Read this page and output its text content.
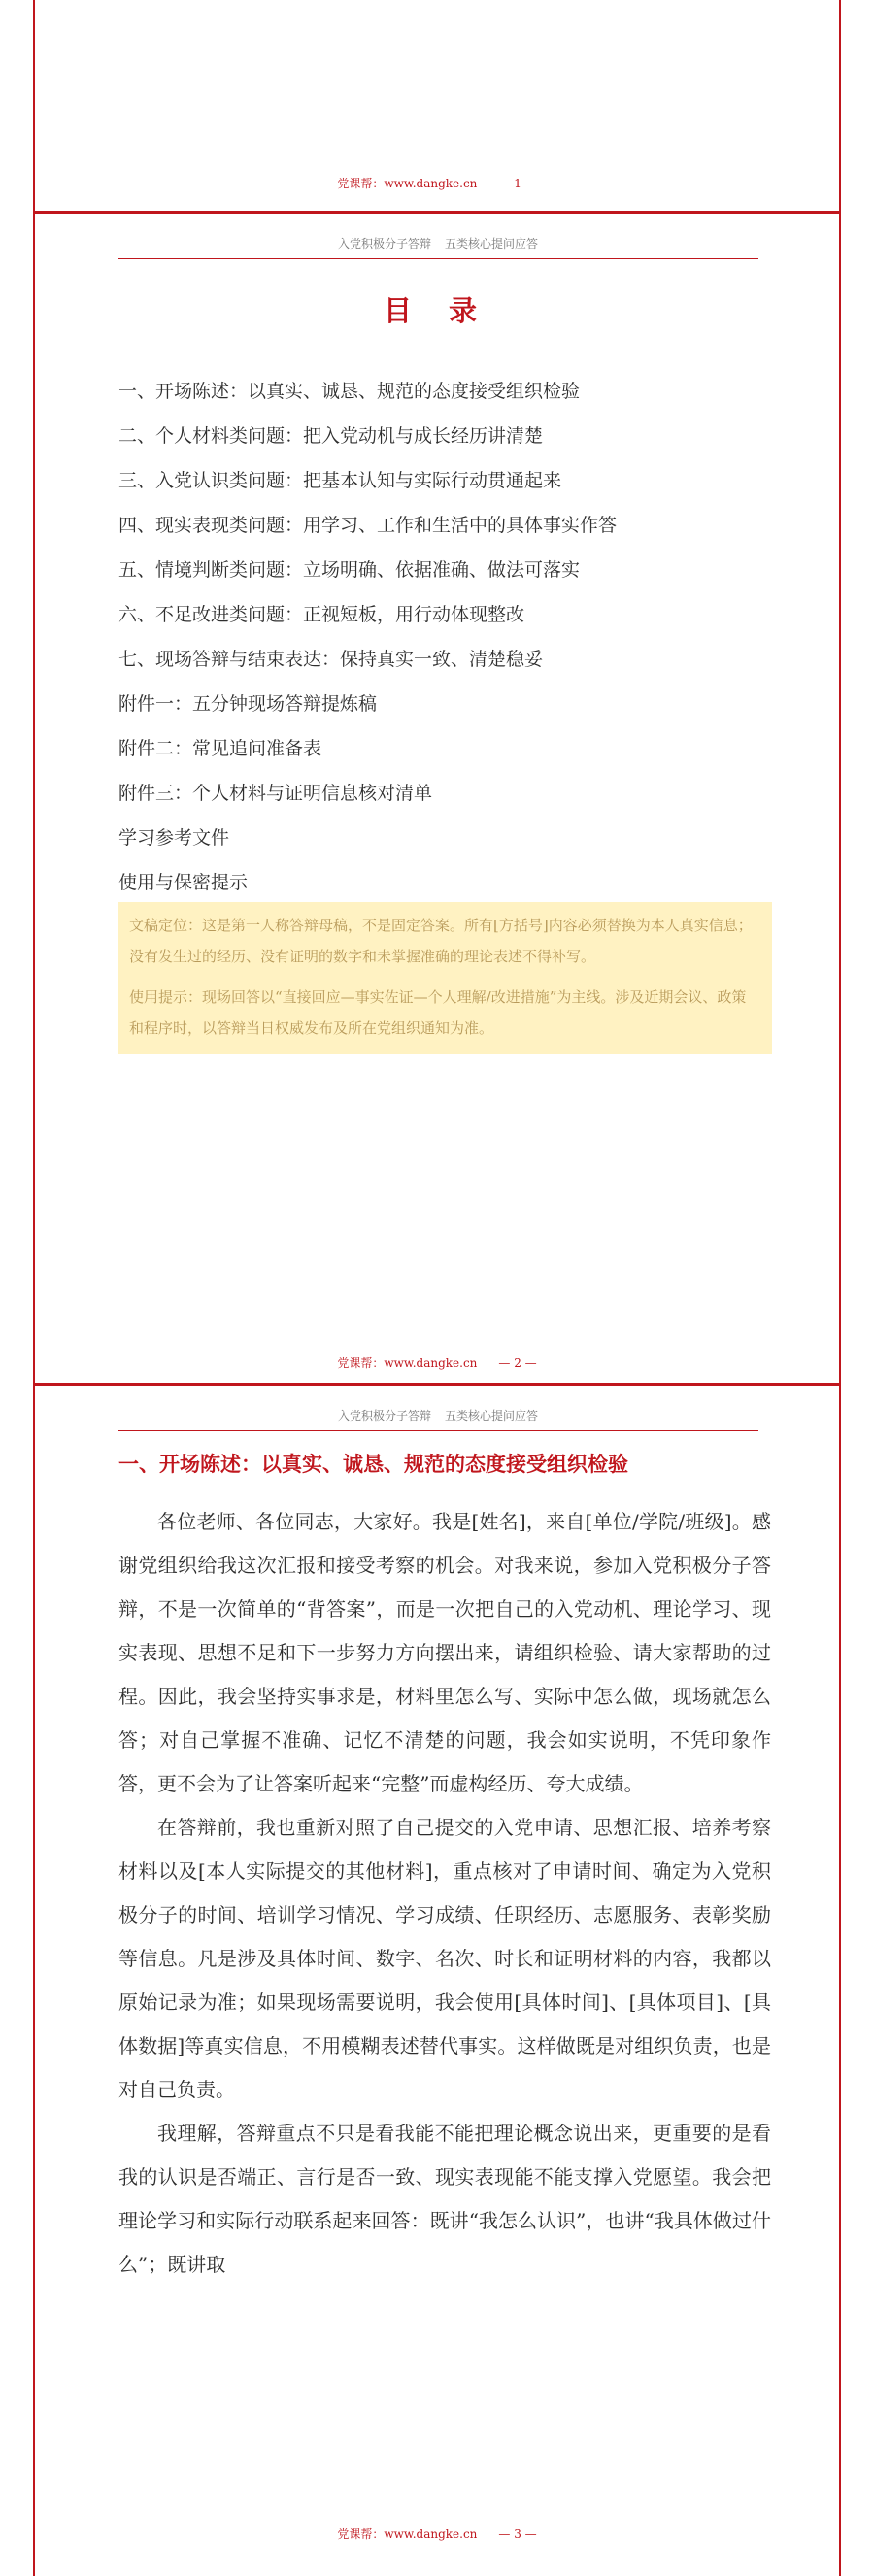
党课帮：www.dangke.cn — 1 —
入党积极分子答辩 五类核心提问应答
目 录
一、开场陈述：以真实、诚恳、规范的态度接受组织检验
二、个人材料类问题：把入党动机与成长经历讲清楚
三、入党认识类问题：把基本认知与实际行动贯通起来
四、现实表现类问题：用学习、工作和生活中的具体事实作答
五、情境判断类问题：立场明确、依据准确、做法可落实
六、不足改进类问题：正视短板，用行动体现整改
七、现场答辩与结束表达：保持真实一致、清楚稳妥
附件一：五分钟现场答辩提炼稿
附件二：常见追问准备表
附件三：个人材料与证明信息核对清单
学习参考文件
使用与保密提示

文稿定位：这是第一人称答辩母稿，不是固定答案。所有[方括号]内容必须替换为本人真实信息；没有发生过的经历、没有证明的数字和未掌握准确的理论表述不得补写。

使用提示：现场回答以“直接回应—事实佐证—个人理解/改进措施”为主线。涉及近期会议、政策和程序时，以答辩当日权威发布及所在党组织通知为准。

党课帮：www.dangke.cn — 2 —
入党积极分子答辩 五类核心提问应答
一、开场陈述：以真实、诚恳、规范的态度接受组织检验

各位老师、各位同志，大家好。我是[姓名]，来自[单位/学院/班级]。感谢党组织给我这次汇报和接受考察的机会。对我来说，参加入党积极分子答辩，不是一次简单的“背答案”，而是一次把自己的入党动机、理论学习、现实表现、思想不足和下一步努力方向摆出来，请组织检验、请大家帮助的过程。因此，我会坚持实事求是，材料里怎么写、实际中怎么做，现场就怎么答；对自己掌握不准确、记忆不清楚的问题，我会如实说明，不凭印象作答，更不会为了让答案听起来“完整”而虚构经历、夸大成绩。

在答辩前，我也重新对照了自己提交的入党申请、思想汇报、培养考察材料以及[本人实际提交的其他材料]，重点核对了申请时间、确定为入党积极分子的时间、培训学习情况、学习成绩、任职经历、志愿服务、表彰奖励等信息。凡是涉及具体时间、数字、名次、时长和证明材料的内容，我都以原始记录为准；如果现场需要说明，我会使用[具体时间]、[具体项目]、[具体数据]等真实信息，不用模糊表述替代事实。这样做既是对组织负责，也是对自己负责。

我理解，答辩重点不只是看我能不能把理论概念说出来，更重要的是看我的认识是否端正、言行是否一致、现实表现能不能支撑入党愿望。我会把理论学习和实际行动联系起来回答：既讲“我怎么认识”，也讲“我具体做过什么”；既讲取

党课帮：www.dangke.cn — 3 —
